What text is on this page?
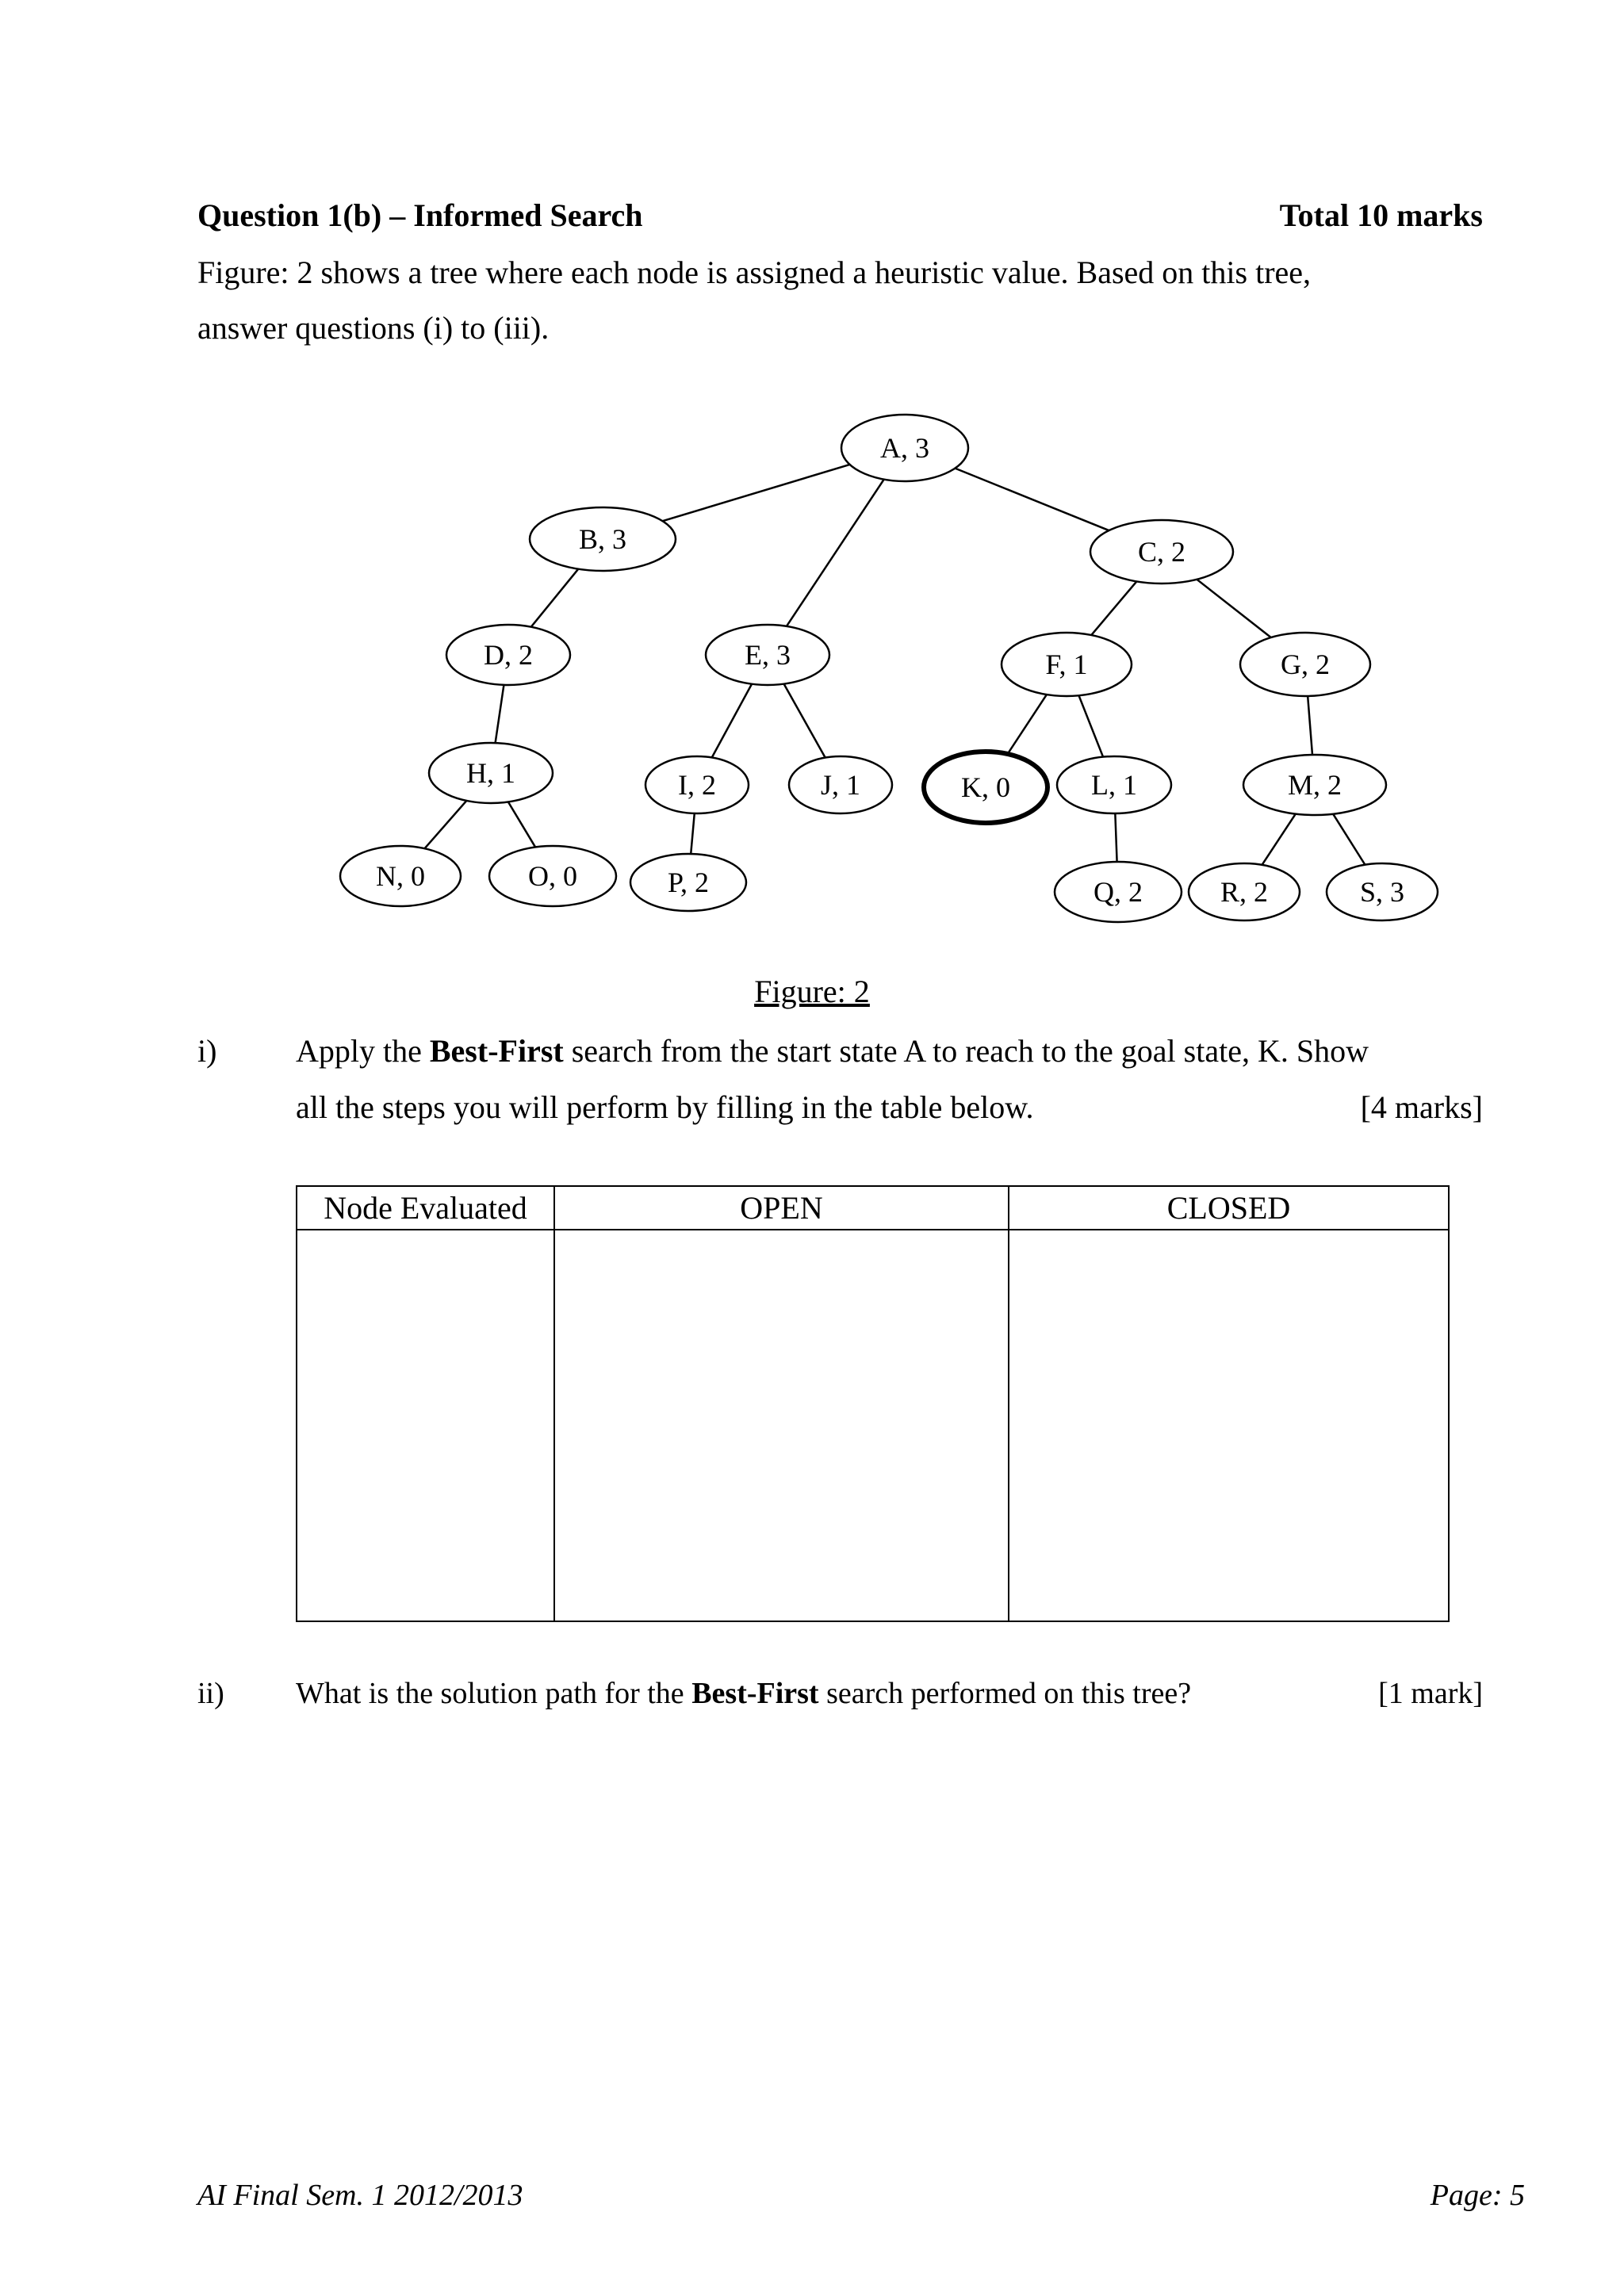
Question 1(b) – Informed Search	Total 10 marks
Figure: 2 shows a tree where each node is assigned a heuristic value. Based on this tree,
answer questions (i) to (iii).
A, 3
B, 3	C, 2
D, 2	E, 3	F, 1	G, 2
H, 1	I, 2	J, 1	K, 0	L, 1	M, 2
N, 0	O, 0	P, 2	Q, 2	R, 2	S, 3
Figure: 2
i) Apply the Best-First search from the start state A to reach to the goal state, K. Show
all the steps you will perform by filling in the table below.	[4 marks]
Node Evaluated	OPEN	CLOSED

ii) What is the solution path for the Best-First search performed on this tree?	[1 mark]
AI Final Sem. 1 2012/2013	Page: 5
